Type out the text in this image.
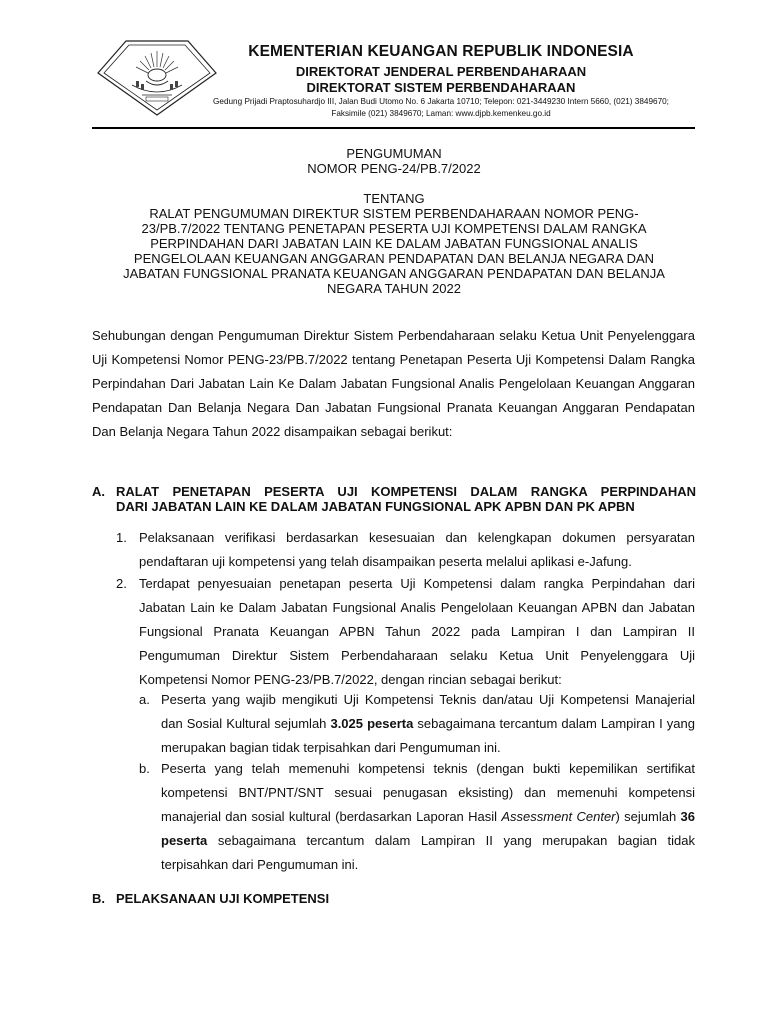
KEMENTERIAN KEUANGAN REPUBLIK INDONESIA
DIREKTORAT JENDERAL PERBENDAHARAAN
DIREKTORAT SISTEM PERBENDAHARAAN
Gedung Prijadi Praptosuhardjo III, Jalan Budi Utomo No. 6 Jakarta 10710; Telepon: 021-3449230 Intern 5660, (021) 3849670; Faksimile (021) 3849670; Laman: www.djpb.kemenkeu.go.id
PENGUMUMAN
NOMOR PENG-24/PB.7/2022
TENTANG
RALAT PENGUMUMAN DIREKTUR SISTEM PERBENDAHARAAN NOMOR PENG-
23/PB.7/2022 TENTANG PENETAPAN PESERTA UJI KOMPETENSI DALAM RANGKA
PERPINDAHAN DARI JABATAN LAIN KE DALAM JABATAN FUNGSIONAL ANALIS
PENGELOLAAN KEUANGAN ANGGARAN PENDAPATAN DAN BELANJA NEGARA DAN
JABATAN FUNGSIONAL PRANATA KEUANGAN ANGGARAN PENDAPATAN DAN BELANJA
NEGARA TAHUN 2022
Sehubungan dengan Pengumuman Direktur Sistem Perbendaharaan selaku Ketua Unit Penyelenggara Uji Kompetensi Nomor PENG-23/PB.7/2022 tentang Penetapan Peserta Uji Kompetensi Dalam Rangka Perpindahan Dari Jabatan Lain Ke Dalam Jabatan Fungsional Analis Pengelolaan Keuangan Anggaran Pendapatan Dan Belanja Negara Dan Jabatan Fungsional Pranata Keuangan Anggaran Pendapatan Dan Belanja Negara Tahun 2022 disampaikan sebagai berikut:
A. RALAT PENETAPAN PESERTA UJI KOMPETENSI DALAM RANGKA PERPINDAHAN
DARI JABATAN LAIN KE DALAM JABATAN FUNGSIONAL APK APBN DAN PK APBN
1. Pelaksanaan verifikasi berdasarkan kesesuaian dan kelengkapan dokumen persyaratan pendaftaran uji kompetensi yang telah disampaikan peserta melalui aplikasi e-Jafung.
2. Terdapat penyesuaian penetapan peserta Uji Kompetensi dalam rangka Perpindahan dari Jabatan Lain ke Dalam Jabatan Fungsional Analis Pengelolaan Keuangan APBN dan Jabatan Fungsional Pranata Keuangan APBN Tahun 2022 pada Lampiran I dan Lampiran II Pengumuman Direktur Sistem Perbendaharaan selaku Ketua Unit Penyelenggara Uji Kompetensi Nomor PENG-23/PB.7/2022, dengan rincian sebagai berikut:
a. Peserta yang wajib mengikuti Uji Kompetensi Teknis dan/atau Uji Kompetensi Manajerial dan Sosial Kultural sejumlah 3.025 peserta sebagaimana tercantum dalam Lampiran I yang merupakan bagian tidak terpisahkan dari Pengumuman ini.
b. Peserta yang telah memenuhi kompetensi teknis (dengan bukti kepemilikan sertifikat kompetensi BNT/PNT/SNT sesuai penugasan eksisting) dan memenuhi kompetensi manajerial dan sosial kultural (berdasarkan Laporan Hasil Assessment Center) sejumlah 36 peserta sebagaimana tercantum dalam Lampiran II yang merupakan bagian tidak terpisahkan dari Pengumuman ini.
B. PELAKSANAAN UJI KOMPETENSI
